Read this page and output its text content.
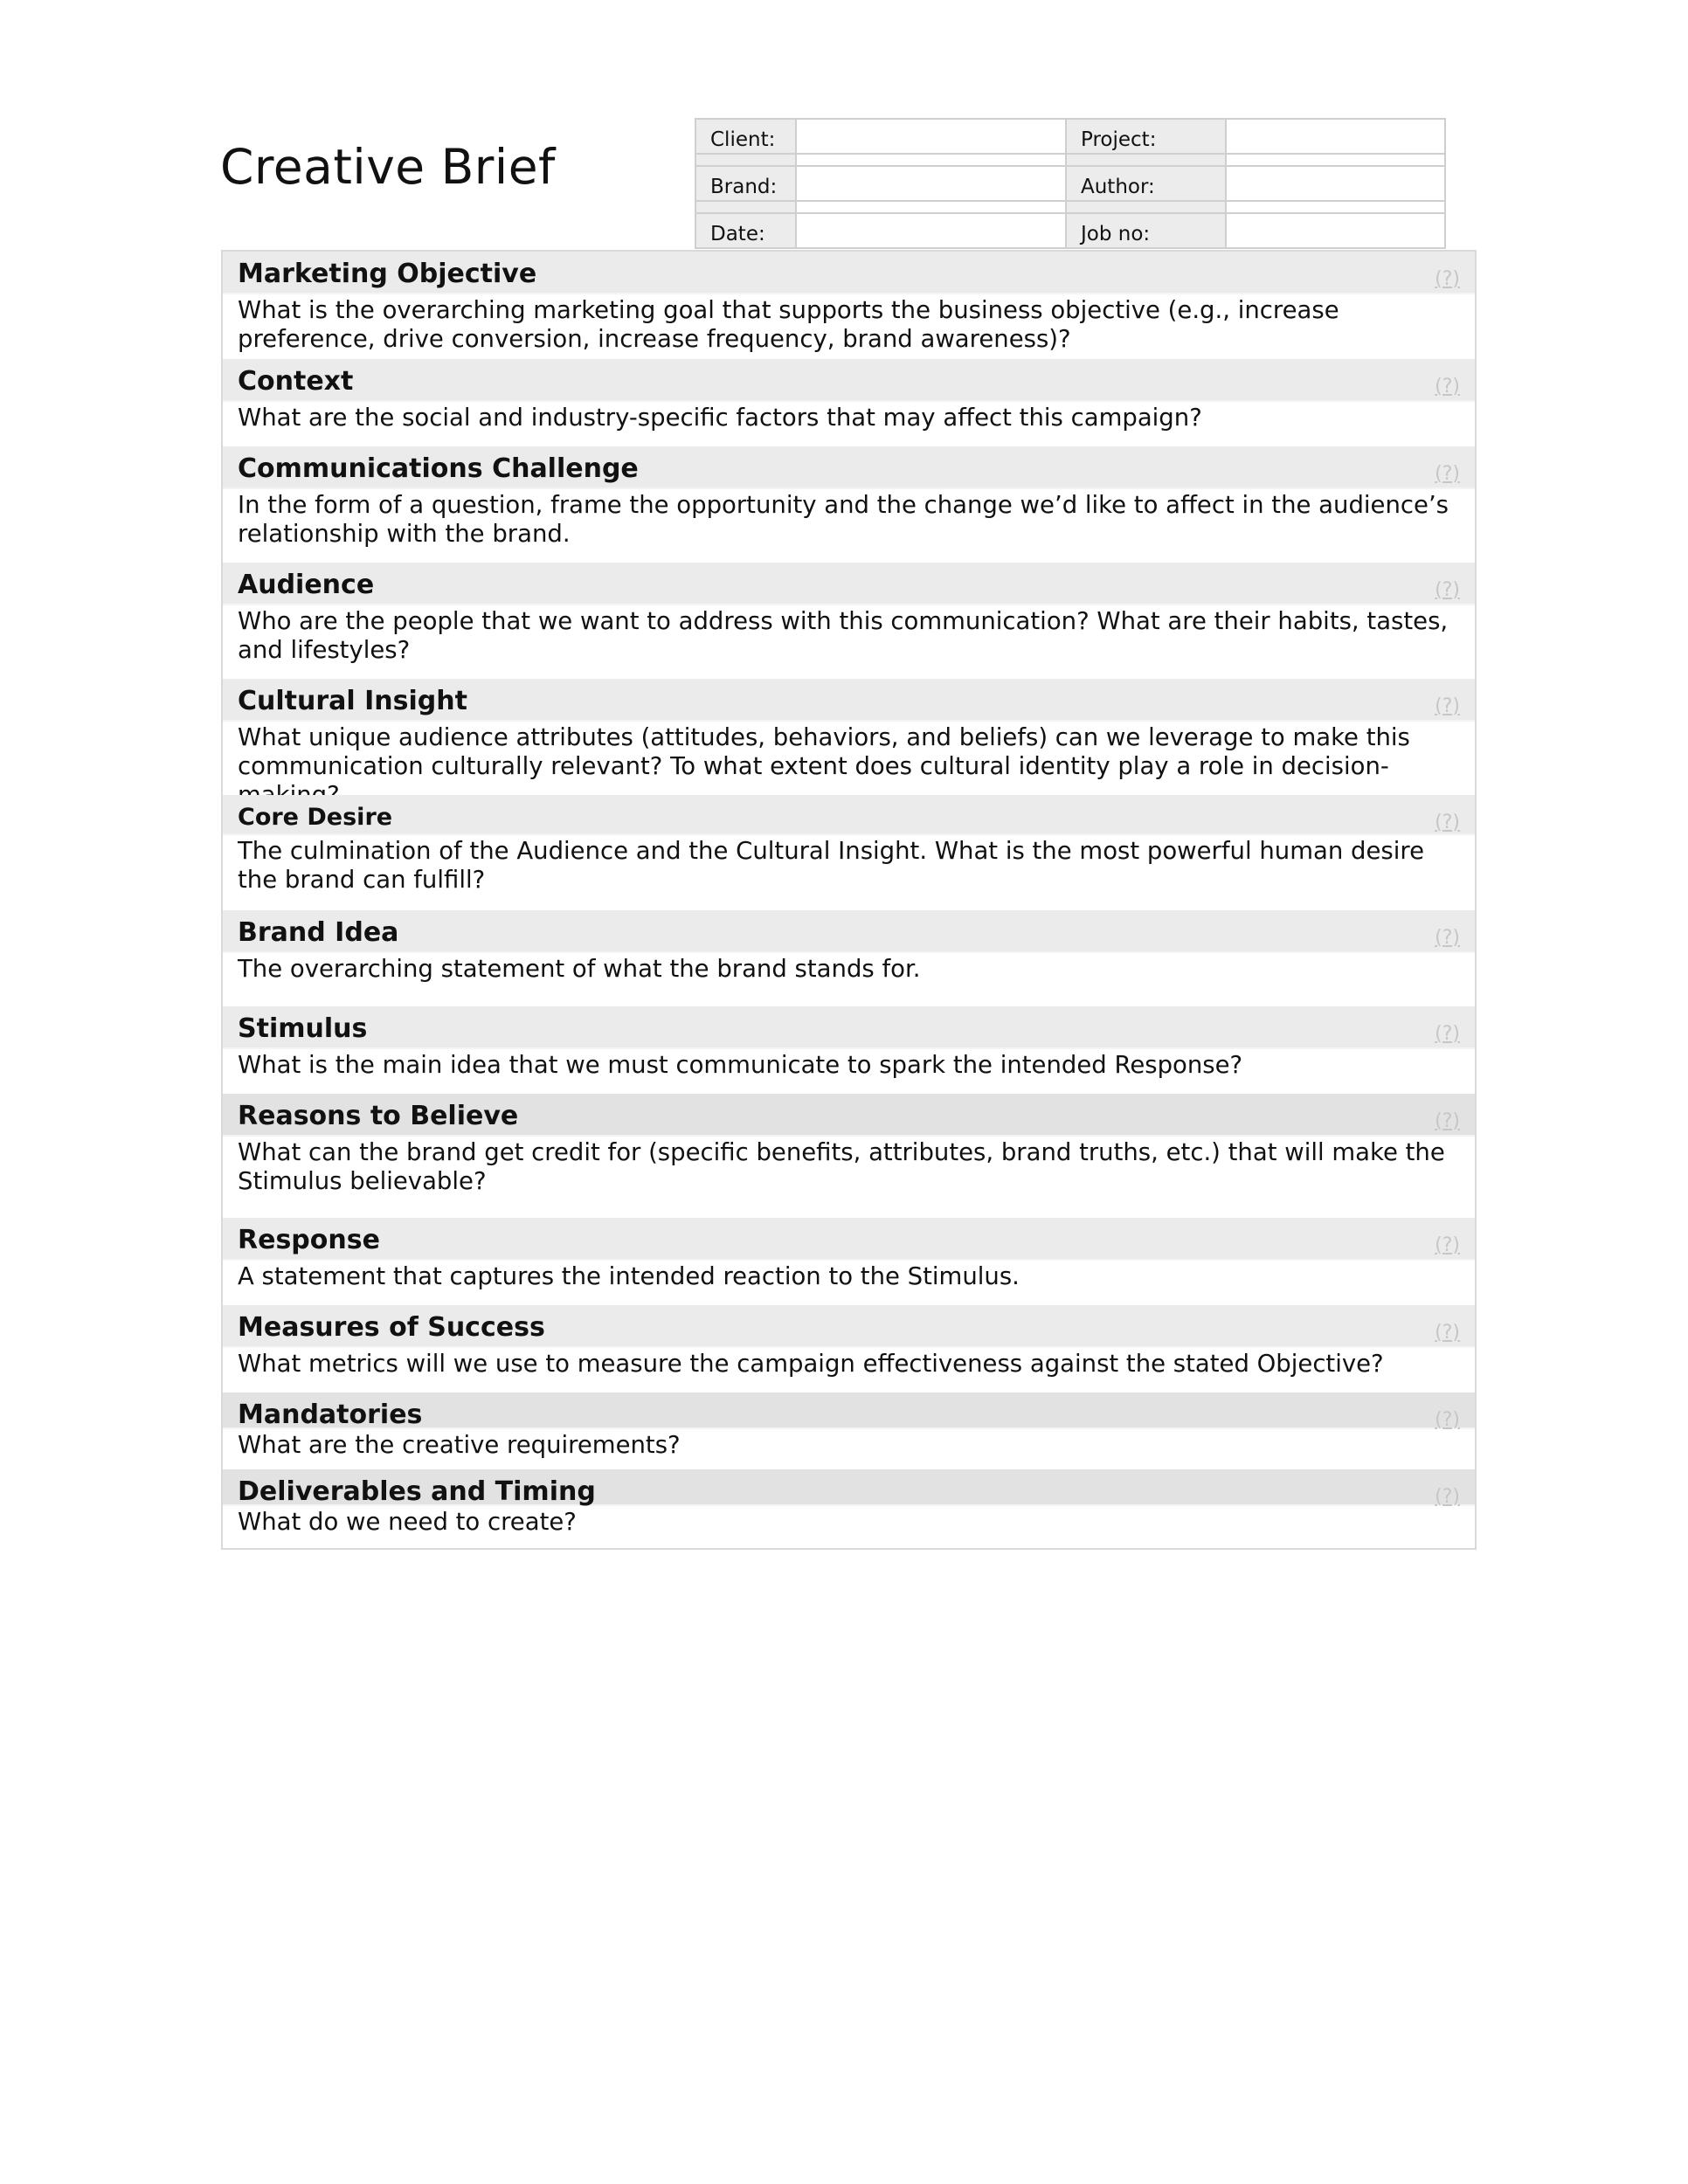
Creative Brief	Client:		Project:	

Brand:		Author:	

Date:		Job no:	
Marketing Objective	(?)
What is the overarching marketing goal that supports the business objective (e.g., increase preference, drive conversion, increase frequency, brand awareness)?
Context	(?)
What are the social and industry-specific factors that may affect this campaign?
Communications Challenge	(?)
In the form of a question, frame the opportunity and the change we’d like to affect in the audience’s relationship with the brand.
Audience	(?)
Who are the people that we want to address with this communication? What are their habits, tastes, and lifestyles?
Cultural Insight	(?)
What unique audience attributes (attitudes, behaviors, and beliefs) can we leverage to make this communication culturally relevant? To what extent does cultural identity play a role in decision-
Core Desire	(?)
The culmination of the Audience and the Cultural Insight. What is the most powerful human desire the brand can fulfill?
Brand Idea	(?)
The overarching statement of what the brand stands for.
Stimulus	(?)
What is the main idea that we must communicate to spark the intended Response?
Reasons to Believe	(?)
What can the brand get credit for (specific benefits, attributes, brand truths, etc.) that will make the Stimulus believable?
Response	(?)
A statement that captures the intended reaction to the Stimulus.
Measures of Success	(?)
What metrics will we use to measure the campaign effectiveness against the stated Objective?
Mandatories	(?)
What are the creative requirements?
Deliverables and Timing	(?)
What do we need to create?
